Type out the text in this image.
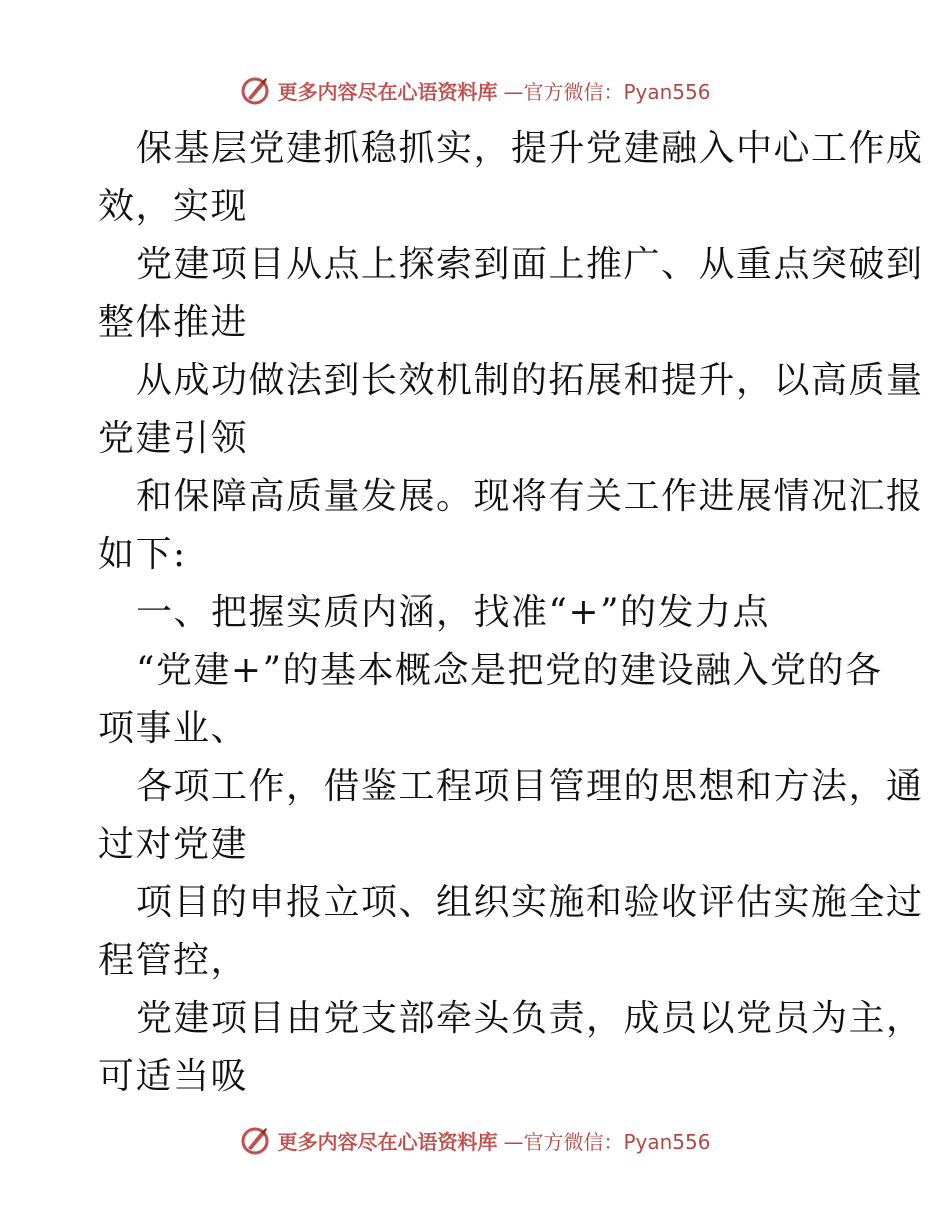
更多内容尽在心语资料库 —官方微信：Pyan556
保基层党建抓稳抓实，提升党建融入中心工作成
效，实现
党建项目从点上探索到面上推广、从重点突破到
整体推进
从成功做法到长效机制的拓展和提升，以高质量
党建引领
和保障高质量发展。现将有关工作进展情况汇报
如下:
一、把握实质内涵，找准“+”的发力点
“党建+”的基本概念是把党的建设融入党的各
项事业、
各项工作，借鉴工程项目管理的思想和方法，通
过对党建
项目的申报立项、组织实施和验收评估实施全过
程管控，
党建项目由党支部牵头负责，成员以党员为主，
可适当吸
更多内容尽在心语资料库 —官方微信：Pyan556
